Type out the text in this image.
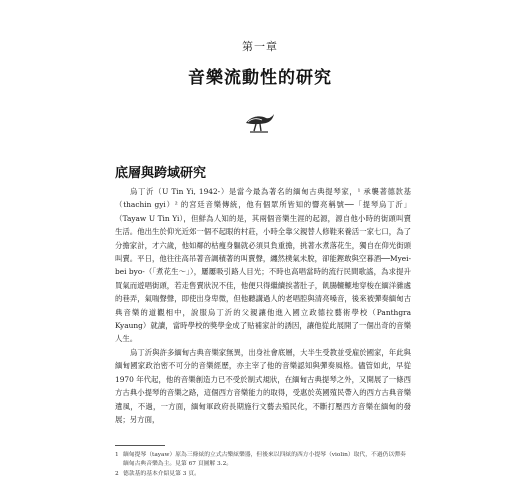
第一章
音樂流動性的研究
底層與跨域研究

烏丁沂（U Tin Yi, 1942-）是當今最為著名的緬甸古典提琴家，¹ 承襲著德款基（thachin gyi）² 的宮廷音樂傳統，他有個眾所皆知的響亮稱號──「提琴烏丁沂」（Tayaw U Tin Yi），但鮮為人知的是，其兩個音樂生涯的起源，源自他小時的街頭叫賣生活。他出生於仰光近郊一個不起眼的村莊，小時全靠父親替人修鞋來養活一家七口，為了分擔家計，才六歲，他如鄰的枯瘦身軀就必須貝負重擔，挑著水煮落花生，獨自在仰光街頭叫賣。平日，他往往高吊著音調積著的叫賣聲，纏然樸氣未脫，卻能鏗敢與空暮酒──Myei-bei byo-（「煮花生～」），屢屢吸引路人目光；不時也高唱當時的流行民間歌謠，為求提升買氣而遊唱街頭，若走售賣狀況不佳，他便只得繼續挨著肚子，飢腸轆轆地穿梭在緬洋雜處的巷弄，氣喘聲聲，即使出身卑微，但他聽講過人的老唱腔與清亮嗓音，後來被彈奏緬甸古典音樂的道觀相中，說服烏丁沂的父親讓他進入國立政德拉藝術學校（Panthgra Kyaung）就讀，當時學校的獎學金成了贴補家計的誘因，讓他從此展開了一個出奇的音樂人生。

烏丁沂與許多緬甸古典音樂家無異，出身社會底層，大半生受教並受雇於國家，年此與緬甸國家政治密不可分的音樂經歷，亦主宰了他的音樂認知與彈奏風格。儘管如此，早從 1970 年代起，他的音樂創造力已不受於制式規狀，在緬甸古典提琴之外，又開展了一條西方古典小提琴的音樂之路，這個西方音樂能力的取得，受惠於英國殖民帶入的西方古典音樂遺風，不過，一方面，緬甸軍政府長期施行文藝去殖民化，不斷打壓西方音樂在緬甸的發展；另方面，

1 緬甸提琴（tayaw）原為三條絃的立式古樂絃樂器，但後來以四絃的西方小提琴（violin）取代，不過仍以彈奏緬甸古典音樂為主。見第 67 頁圖解 3.2。
2 德款基的基本介紹見第 3 頁。
